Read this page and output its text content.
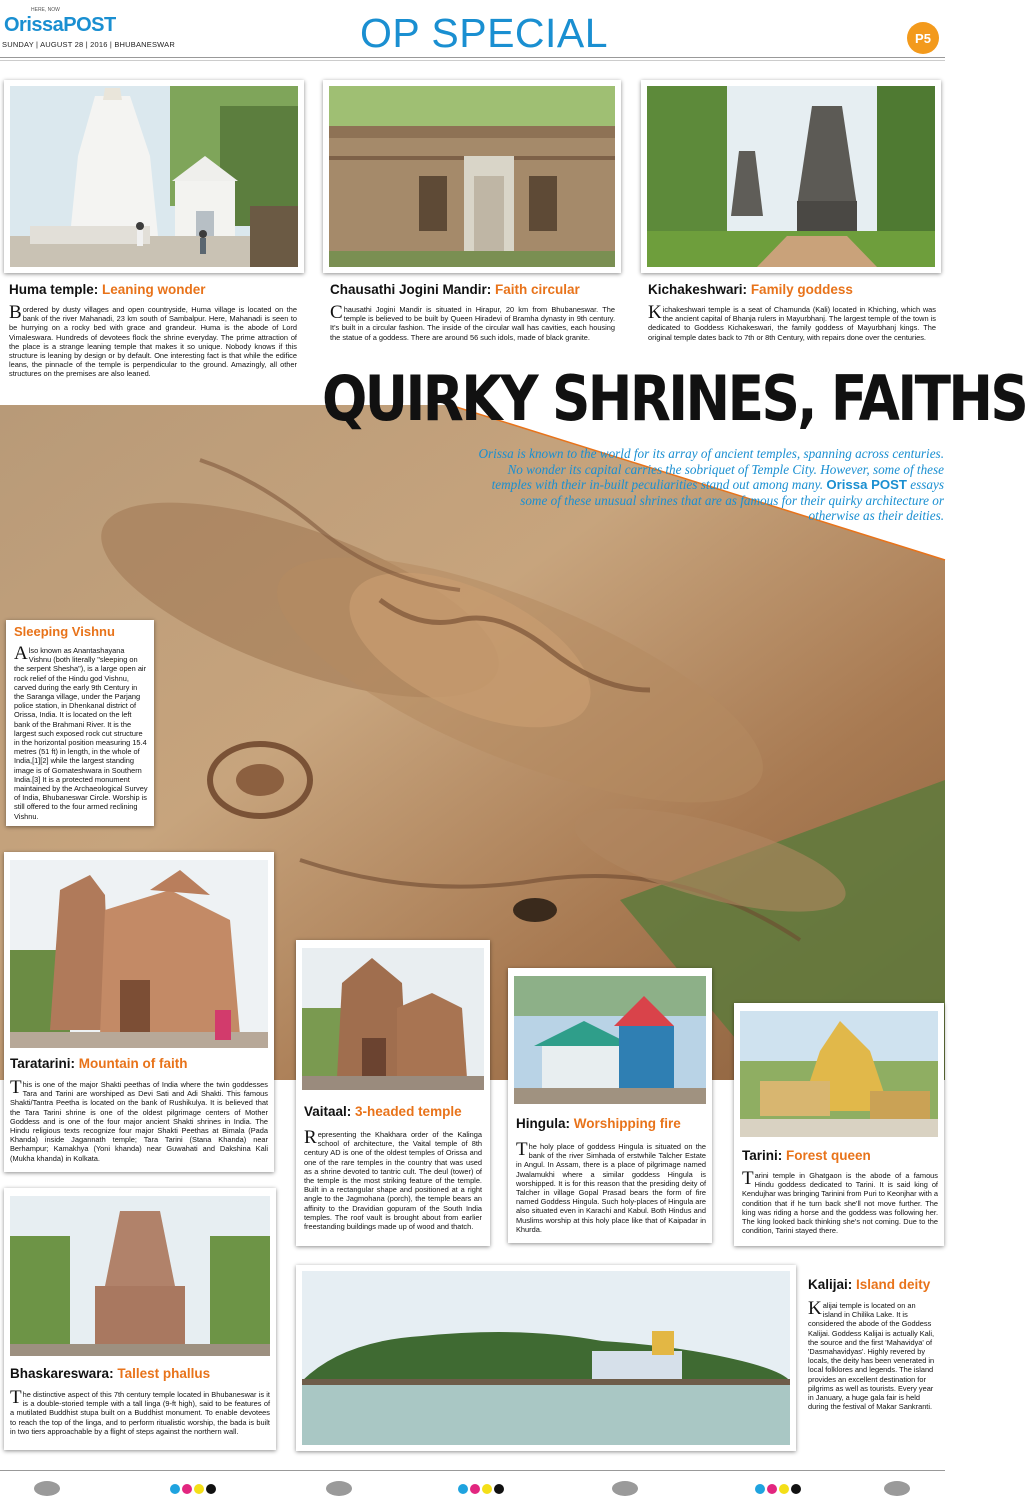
OrissaPOST
HERE, NOW
SUNDAY | AUGUST 28 | 2016 | BHUBANESWAR	OP SPECIAL	P5
Huma temple: Leaning wonder
Bordered by dusty villages and open countryside, Huma village is located on the bank of the river Mahanadi, 23 km south of Sambalpur. Here, Mahanadi is seen to be hurrying on a rocky bed with grace and grandeur. Huma is the abode of Lord Vimaleswara. Hundreds of devotees flock the shrine everyday. The prime attraction of the place is a strange leaning temple that makes it so unique. Nobody knows if this structure is leaning by design or by default. One interesting fact is that while the edifice leans, the pinnacle of the temple is perpendicular to the ground. Amazingly, all other structures on the premises are also leaned.
Chausathi Jogini Mandir: Faith circular
Chausathi Jogini Mandir is situated in Hirapur, 20 km from Bhubaneswar. The temple is believed to be built by Queen Hiradevi of Bramha dynasty in 9th century. It's built in a circular fashion. The inside of the circular wall has cavities, each housing the statue of a goddess. There are around 56 such idols, made of black granite.
Kichakeshwari: Family goddess
Kichakeshwari temple is a seat of Chamunda (Kali) located in Khiching, which was the ancient capital of Bhanja rulers in Mayurbhanj. The largest temple of the town is dedicated to Goddess Kichakeswari, the family goddess of Mayurbhanj kings. The original temple dates back to 7th or 8th Century, with repairs done over the centuries.
QUIRKY SHRINES, FAITHS
Orissa is known to the world for its array of ancient temples, spanning across centuries. No wonder its capital carries the sobriquet of Temple City. However, some of these temples with their in-built peculiarities stand out among many. Orissa POST essays some of these unusual shrines that are as famous for their quirky architecture or otherwise as their deities.
Sleeping Vishnu
Also known as Anantashayana Vishnu (both literally "sleeping on the serpent Shesha"), is a large open air rock relief of the Hindu god Vishnu, carved during the early 9th Century in the Saranga village, under the Parjang police station, in Dhenkanal district of Orissa, India. It is located on the left bank of the Brahmani River. It is the largest such exposed rock cut structure in the horizontal position measuring 15.4 metres (51 ft) in length, in the whole of India,[1][2] while the largest standing image is of Gomateshwara in Southern India.[3] It is a protected monument maintained by the Archaeological Survey of India, Bhubaneswar Circle. Worship is still offered to the four armed reclining Vishnu.
Taratarini: Mountain of faith
This is one of the major Shakti peethas of India where the twin goddesses Tara and Tarini are worshiped as Devi Sati and Adi Shakti. This famous Shakti/Tantra Peetha is located on the bank of Rushikulya. It is believed that the Tara Tarini shrine is one of the oldest pilgrimage centers of Mother Goddess and is one of the four major ancient Shakti shrines in India. The Hindu religious texts recognize four major Shakti Peethas at Bimala (Pada Khanda) inside Jagannath temple; Tara Tarini (Stana Khanda) near Berhampur; Kamakhya (Yoni khanda) near Guwahati and Dakshina Kali (Mukha khanda) in Kolkata.
Vaitaal: 3-headed temple
Representing the Khakhara order of the Kalinga school of architecture, the Vaital temple of 8th century AD is one of the oldest temples of Orissa and one of the rare temples in the country that was used as a shrine devoted to tantric cult. The deul (tower) of the temple is the most striking feature of the temple. Built in a rectangular shape and positioned at a right angle to the Jagmohana (porch), the temple bears an affinity to the Dravidian gopuram of the South India temples. The roof vault is brought about from earlier freestanding buildings made up of wood and thatch.
Hingula: Worshipping fire
The holy place of goddess Hingula is situated on the bank of the river Simhada of erstwhile Talcher Estate in Angul. In Assam, there is a place of pilgrimage named Jwalamukhi where a similar goddess Hingula is worshipped. It is for this reason that the presiding deity of Talcher in village Gopal Prasad bears the form of fire named Goddess Hingula. Such holy-places of Hingula are also situated even in Karachi and Kabul. Both Hindus and Muslims worship at this holy place like that of Kaipadar in Khurda.
Tarini: Forest queen
Tarini temple in Ghatgaon is the abode of a famous Hindu goddess dedicated to Tarini. It is said king of Kendujhar was bringing Tarinini from Puri to Keonjhar with a condition that if he turn back she'll not move further. The king was riding a horse and the goddess was following her. The king looked back thinking she's not coming. Due to the condition, Tarini stayed there.
Bhaskareswara: Tallest phallus
The distinctive aspect of this 7th century temple located in Bhubaneswar is it is a double-storied temple with a tall linga (9-ft high), said to be features of a mutilated Buddhist stupa built on a Buddhist monument. To enable devotees to reach the top of the linga, and to perform ritualistic worship, the bada is built in two tiers approachable by a flight of steps against the northern wall.
Kalijai: Island deity
Kalijai temple is located on an island in Chilika Lake. It is considered the abode of the Goddess Kalijai. Goddess Kalijai is actually Kali, the source and the first 'Mahavidya' of 'Dasmahavidyas'. Highly revered by locals, the deity has been venerated in local folklores and legends. The island provides an excellent destination for pilgrims as well as tourists. Every year in January, a huge gala fair is held during the festival of Makar Sankranti.
